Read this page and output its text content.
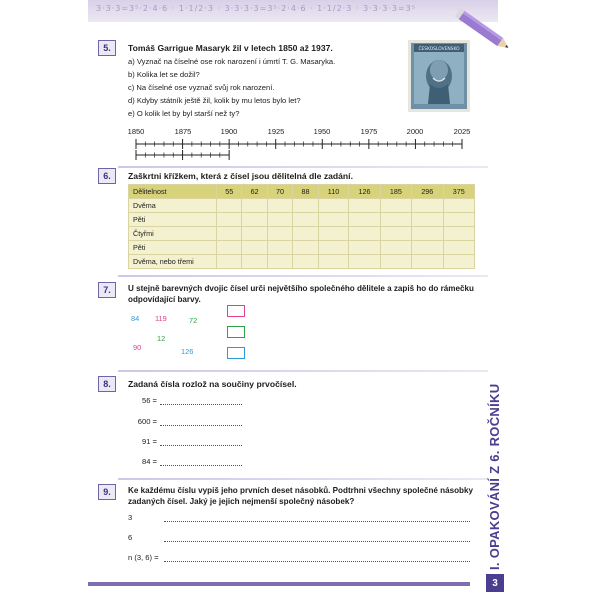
3·3·3=3⁵·2·4·6 · 1·1/2·3 · 3·3·3·3=3⁵·2·4·6 · 1·1/2·3 · 3·3·3·3=3⁵
5.	Tomáš Garrigue Masaryk žil v letech 1850 až 1937.
a) Vyznač na číselné ose rok narození i úmrtí T. G. Masaryka.
b) Kolika let se dožil?
c) Na číselné ose vyznač svůj rok narození.
d) Kdyby státník ještě žil, kolik by mu letos bylo let?
e) O kolik let by byl starší než ty?
ČESKOSLOVENSKO
1850	1875	1900	1925	1950	1975	2000	2025
6.	Zaškrtni křížkem, která z čísel jsou dělitelná dle zadání.
Dělitelnost	55	62	70	88	110	126	185	296	375
Dvěma									
Pěti									
Čtyřmi									
Pěti									
Dvěma, nebo třemi									
7.	U stejně barevných dvojic čísel urči největšího společného dělitele a zapiš ho do rámečku
odpovídající barvy.
84 119	72
12
90	126
8.	Zadaná čísla rozlož na součiny prvočísel.
56 =
600 =
91 =
84 =
9.	Ke každému číslu vypiš jeho prvních deset násobků. Podtrhni všechny společné násobky
zadaných čísel. Jaký je jejich nejmenší společný násobek?
3
6
n (3, 6) =	I. OPAKOVÁNÍ Z 6. ROČNÍKU
3
